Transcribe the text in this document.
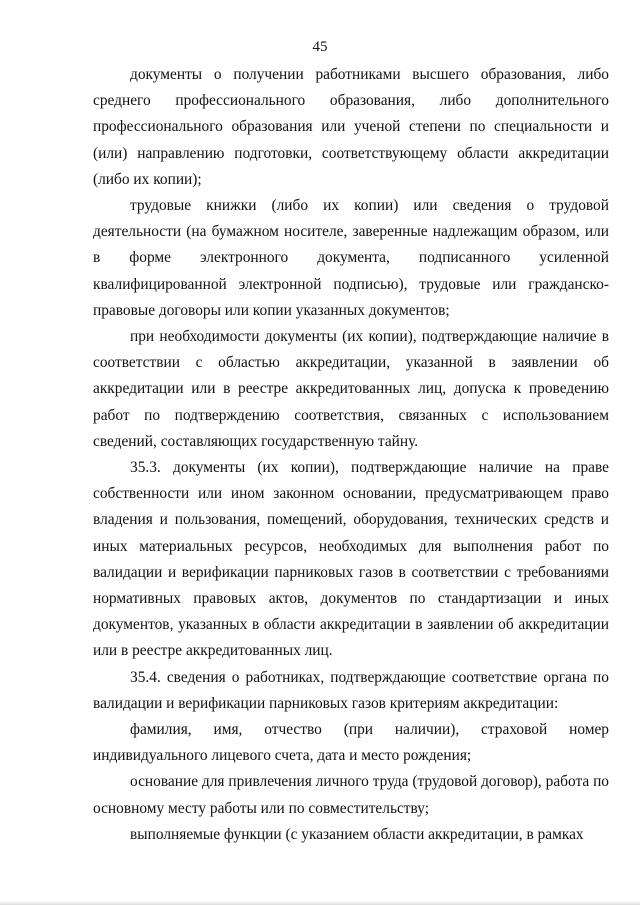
45

документы о получении работниками высшего образования, либо среднего профессионального образования, либо дополнительного профессионального образования или ученой степени по специальности и (или) направлению подготовки, соответствующему области аккредитации (либо их копии);

трудовые книжки (либо их копии) или сведения о трудовой деятельности (на бумажном носителе, заверенные надлежащим образом, или в форме электронного документа, подписанного усиленной квалифицированной электронной подписью), трудовые или гражданско-правовые договоры или копии указанных документов;

при необходимости документы (их копии), подтверждающие наличие в соответствии с областью аккредитации, указанной в заявлении об аккредитации или в реестре аккредитованных лиц, допуска к проведению работ по подтверждению соответствия, связанных с использованием сведений, составляющих государственную тайну.

35.3. документы (их копии), подтверждающие наличие на праве собственности или ином законном основании, предусматривающем право владения и пользования, помещений, оборудования, технических средств и иных материальных ресурсов, необходимых для выполнения работ по валидации и верификации парниковых газов в соответствии с требованиями нормативных правовых актов, документов по стандартизации и иных документов, указанных в области аккредитации в заявлении об аккредитации или в реестре аккредитованных лиц.

35.4. сведения о работниках, подтверждающие соответствие органа по валидации и верификации парниковых газов критериям аккредитации:

фамилия, имя, отчество (при наличии), страховой номер индивидуального лицевого счета, дата и место рождения;

основание для привлечения личного труда (трудовой договор), работа по основному месту работы или по совместительству;

выполняемые функции (с указанием области аккредитации, в рамках
